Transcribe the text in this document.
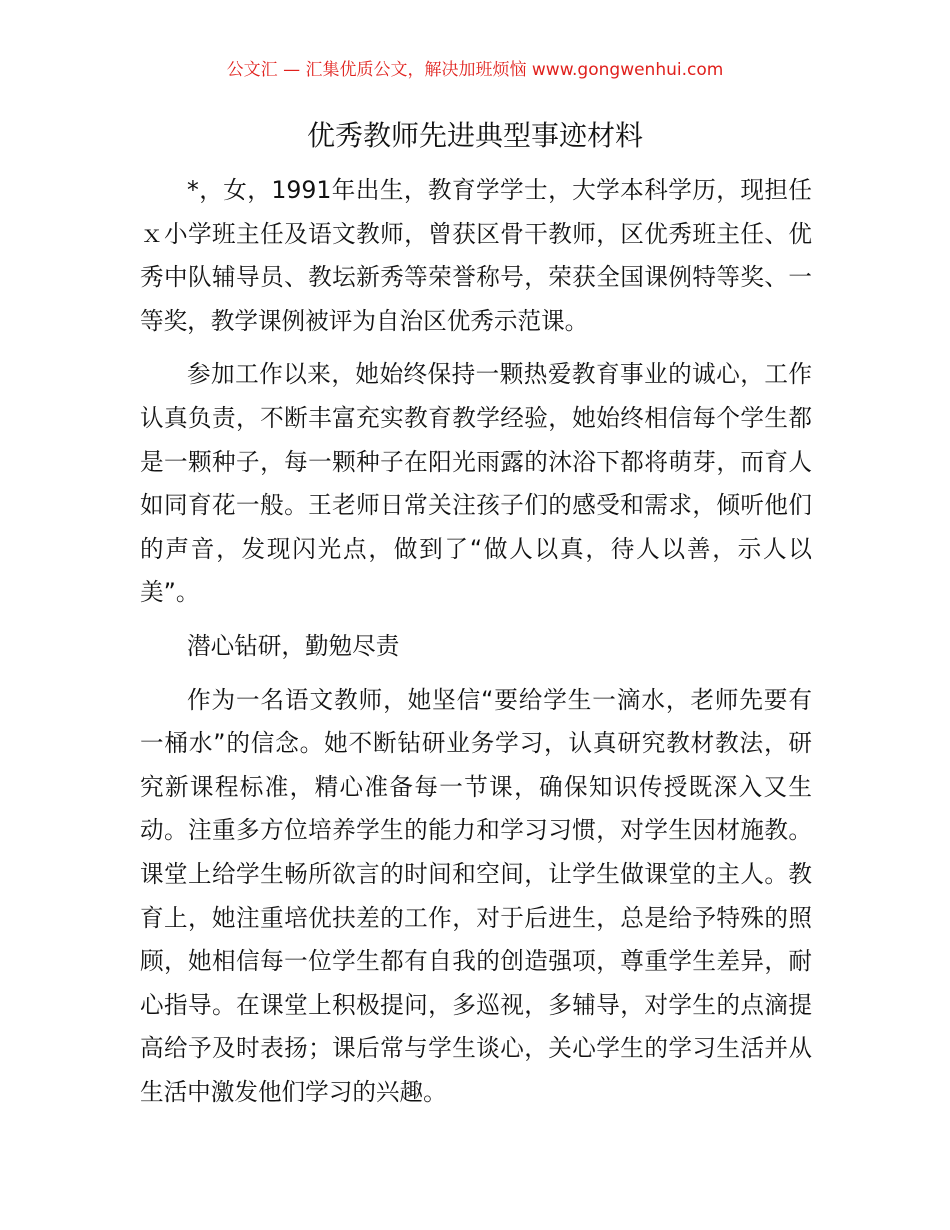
公文汇 — 汇集优质公文，解决加班烦恼 www.gongwenhui.com
优秀教师先进典型事迹材料

*，女，1991年出生，教育学学士，大学本科学历，现担任ｘ小学班主任及语文教师，曾获区骨干教师，区优秀班主任、优秀中队辅导员、教坛新秀等荣誉称号，荣获全国课例特等奖、一等奖，教学课例被评为自治区优秀示范课。

参加工作以来，她始终保持一颗热爱教育事业的诚心，工作认真负责，不断丰富充实教育教学经验，她始终相信每个学生都是一颗种子，每一颗种子在阳光雨露的沐浴下都将萌芽，而育人如同育花一般。王老师日常关注孩子们的感受和需求，倾听他们的声音，发现闪光点，做到了“做人以真，待人以善，示人以美”。

潜心钻研，勤勉尽责

作为一名语文教师，她坚信“要给学生一滴水，老师先要有一桶水”的信念。她不断钻研业务学习，认真研究教材教法，研究新课程标准，精心准备每一节课，确保知识传授既深入又生动。注重多方位培养学生的能力和学习习惯，对学生因材施教。课堂上给学生畅所欲言的时间和空间，让学生做课堂的主人。教育上，她注重培优扶差的工作，对于后进生，总是给予特殊的照顾，她相信每一位学生都有自我的创造强项，尊重学生差异，耐心指导。在课堂上积极提问，多巡视，多辅导，对学生的点滴提高给予及时表扬；课后常与学生谈心，关心学生的学习生活并从生活中激发他们学习的兴趣。
